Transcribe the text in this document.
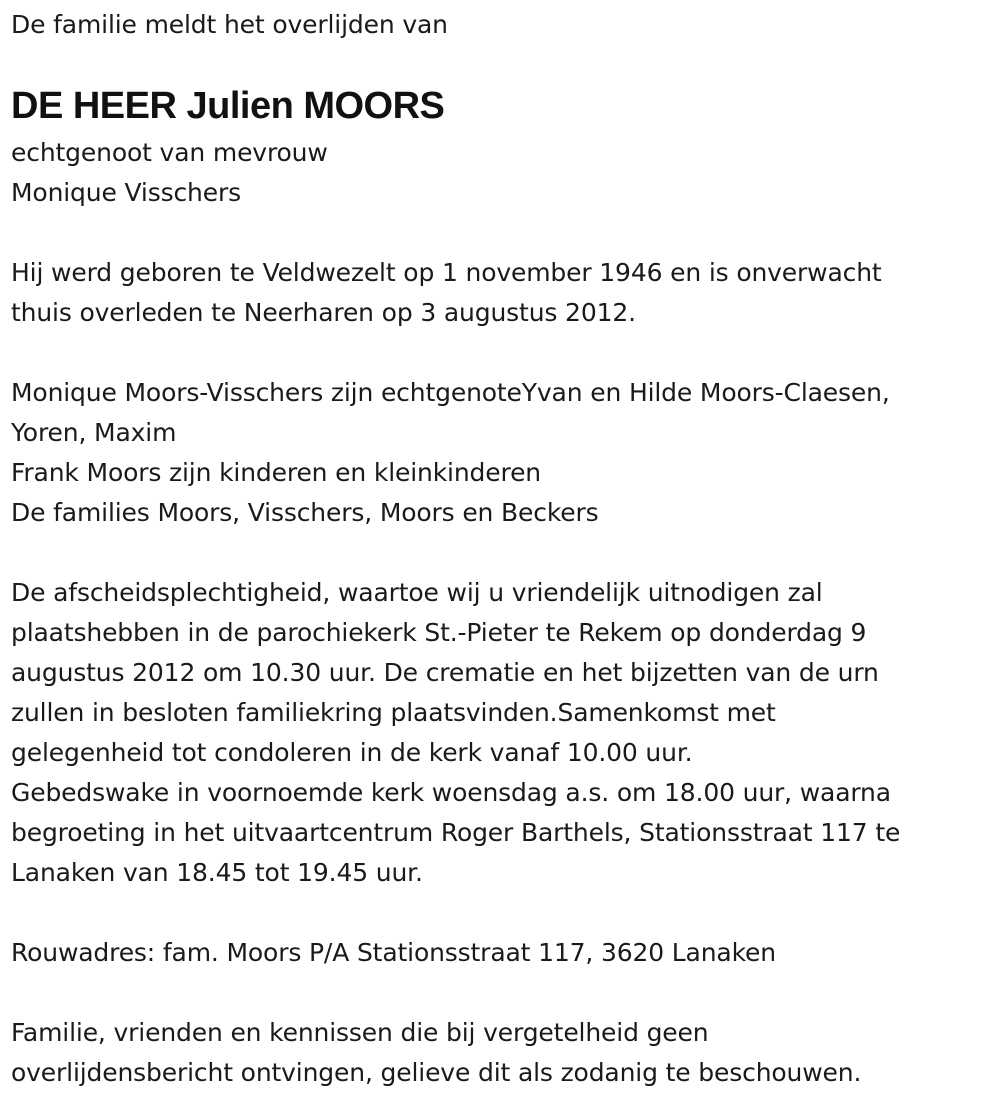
De familie meldt het overlijden van
DE HEER Julien MOORS
echtgenoot van mevrouw
Monique Visschers
Hij werd geboren te Veldwezelt op 1 november 1946 en is onverwacht
thuis overleden te Neerharen op 3 augustus 2012.
Monique Moors-Visschers zijn echtgenoteYvan en Hilde Moors-Claesen,
Yoren, Maxim
Frank Moors zijn kinderen en kleinkinderen
De families Moors, Visschers, Moors en Beckers
De afscheidsplechtigheid, waartoe wij u vriendelijk uitnodigen zal
plaatshebben in de parochiekerk St.-Pieter te Rekem op donderdag 9
augustus 2012 om 10.30 uur. De crematie en het bijzetten van de urn
zullen in besloten familiekring plaatsvinden.Samenkomst met
gelegenheid tot condoleren in de kerk vanaf 10.00 uur.
Gebedswake in voornoemde kerk woensdag a.s. om 18.00 uur, waarna
begroeting in het uitvaartcentrum Roger Barthels, Stationsstraat 117 te
Lanaken van 18.45 tot 19.45 uur.
Rouwadres: fam. Moors P/A Stationsstraat 117, 3620 Lanaken
Familie, vrienden en kennissen die bij vergetelheid geen
overlijdensbericht ontvingen, gelieve dit als zodanig te beschouwen.
